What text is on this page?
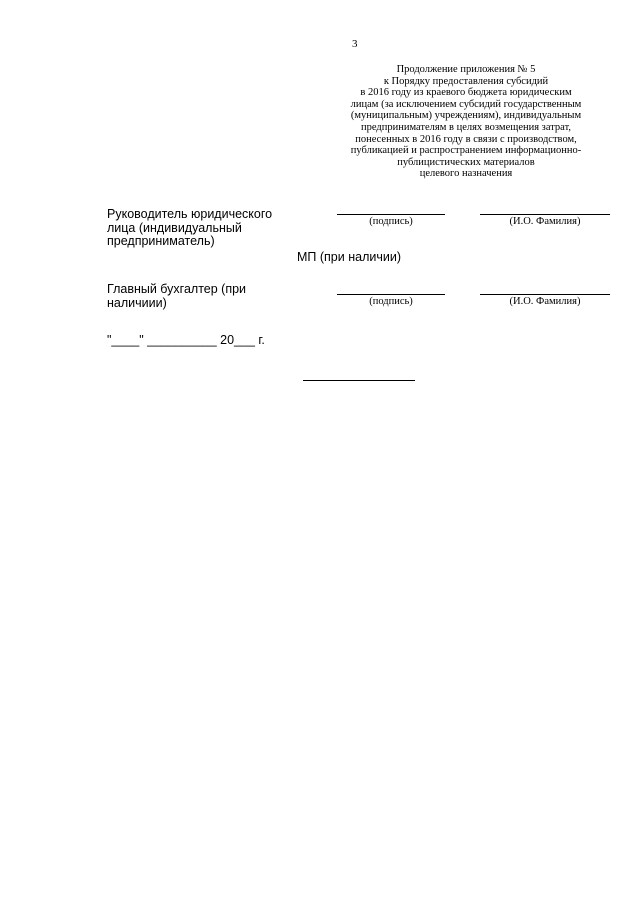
3
Продолжение приложения № 5
к Порядку предоставления субсидий
в 2016 году из краевого бюджета юридическим
лицам (за исключением субсидий государственным
(муниципальным) учреждениям), индивидуальным
предпринимателям в целях возмещения затрат,
понесенных в 2016 году в связи с производством,
публикацией и распространением информационно-
публицистических материалов
целевого назначения
Руководитель юридического
лица (индивидуальный
предприниматель)
(подпись)	(И.О. Фамилия)
МП (при наличии)
Главный бухгалтер (при
наличиии)	(подпись)	(И.О. Фамилия)
"____" __________ 20___ г.
